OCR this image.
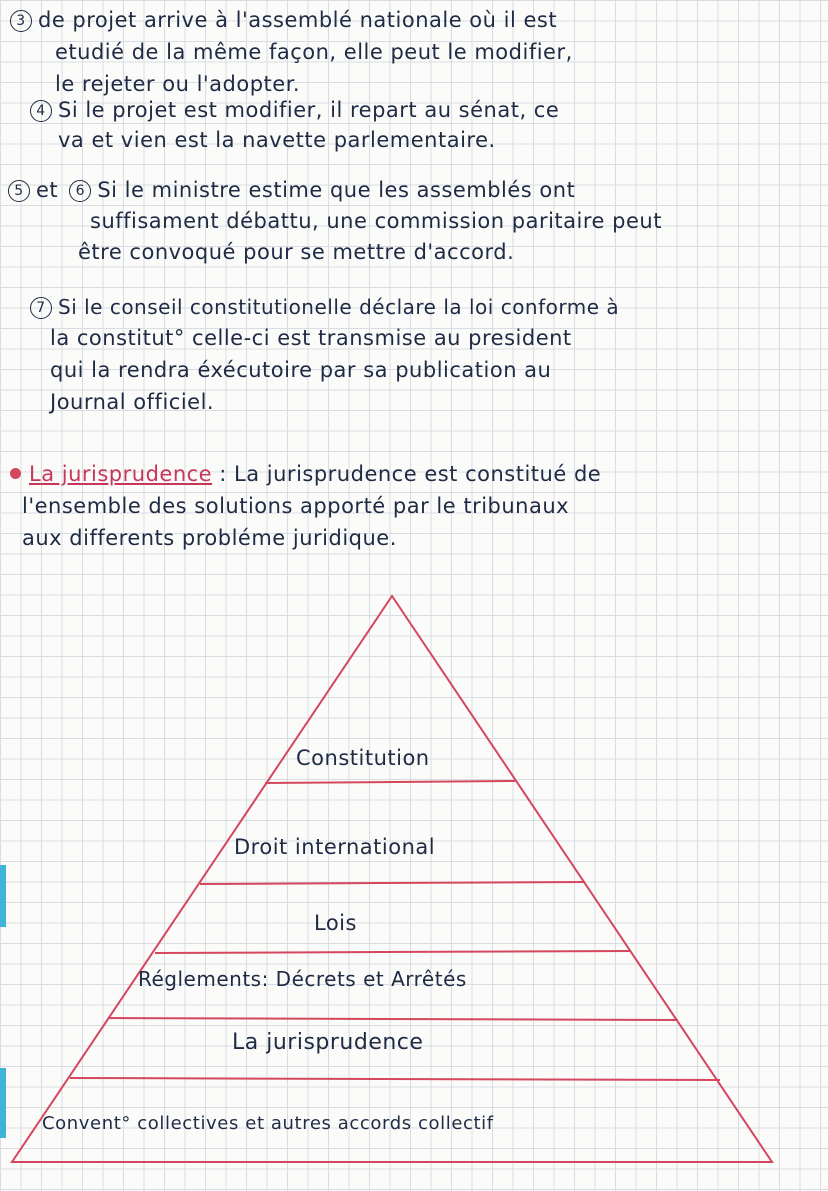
3 de projet arrive à l'assemblé nationale où il est
etudié de la même façon, elle peut le modifier,
le rejeter ou l'adopter.
4 Si le projet est modifier, il repart au sénat, ce
va et vien est la navette parlementaire.
5 et 6 Si le ministre estime que les assemblés ont
suffisament débattu, une commission paritaire peut
être convoqué pour se mettre d'accord.
7 Si le conseil constitutionelle déclare la loi conforme à
la constitut° celle-ci est transmise au president
qui la rendra éxécutoire par sa publication au
Journal officiel.
La jurisprudence : La jurisprudence est constitué de
l'ensemble des solutions apporté par le tribunaux
aux differents probléme juridique.
Constitution
Droit international
Lois
Réglements: Décrets et Arrêtés
La jurisprudence
Convent° collectives et autres accords collectif
